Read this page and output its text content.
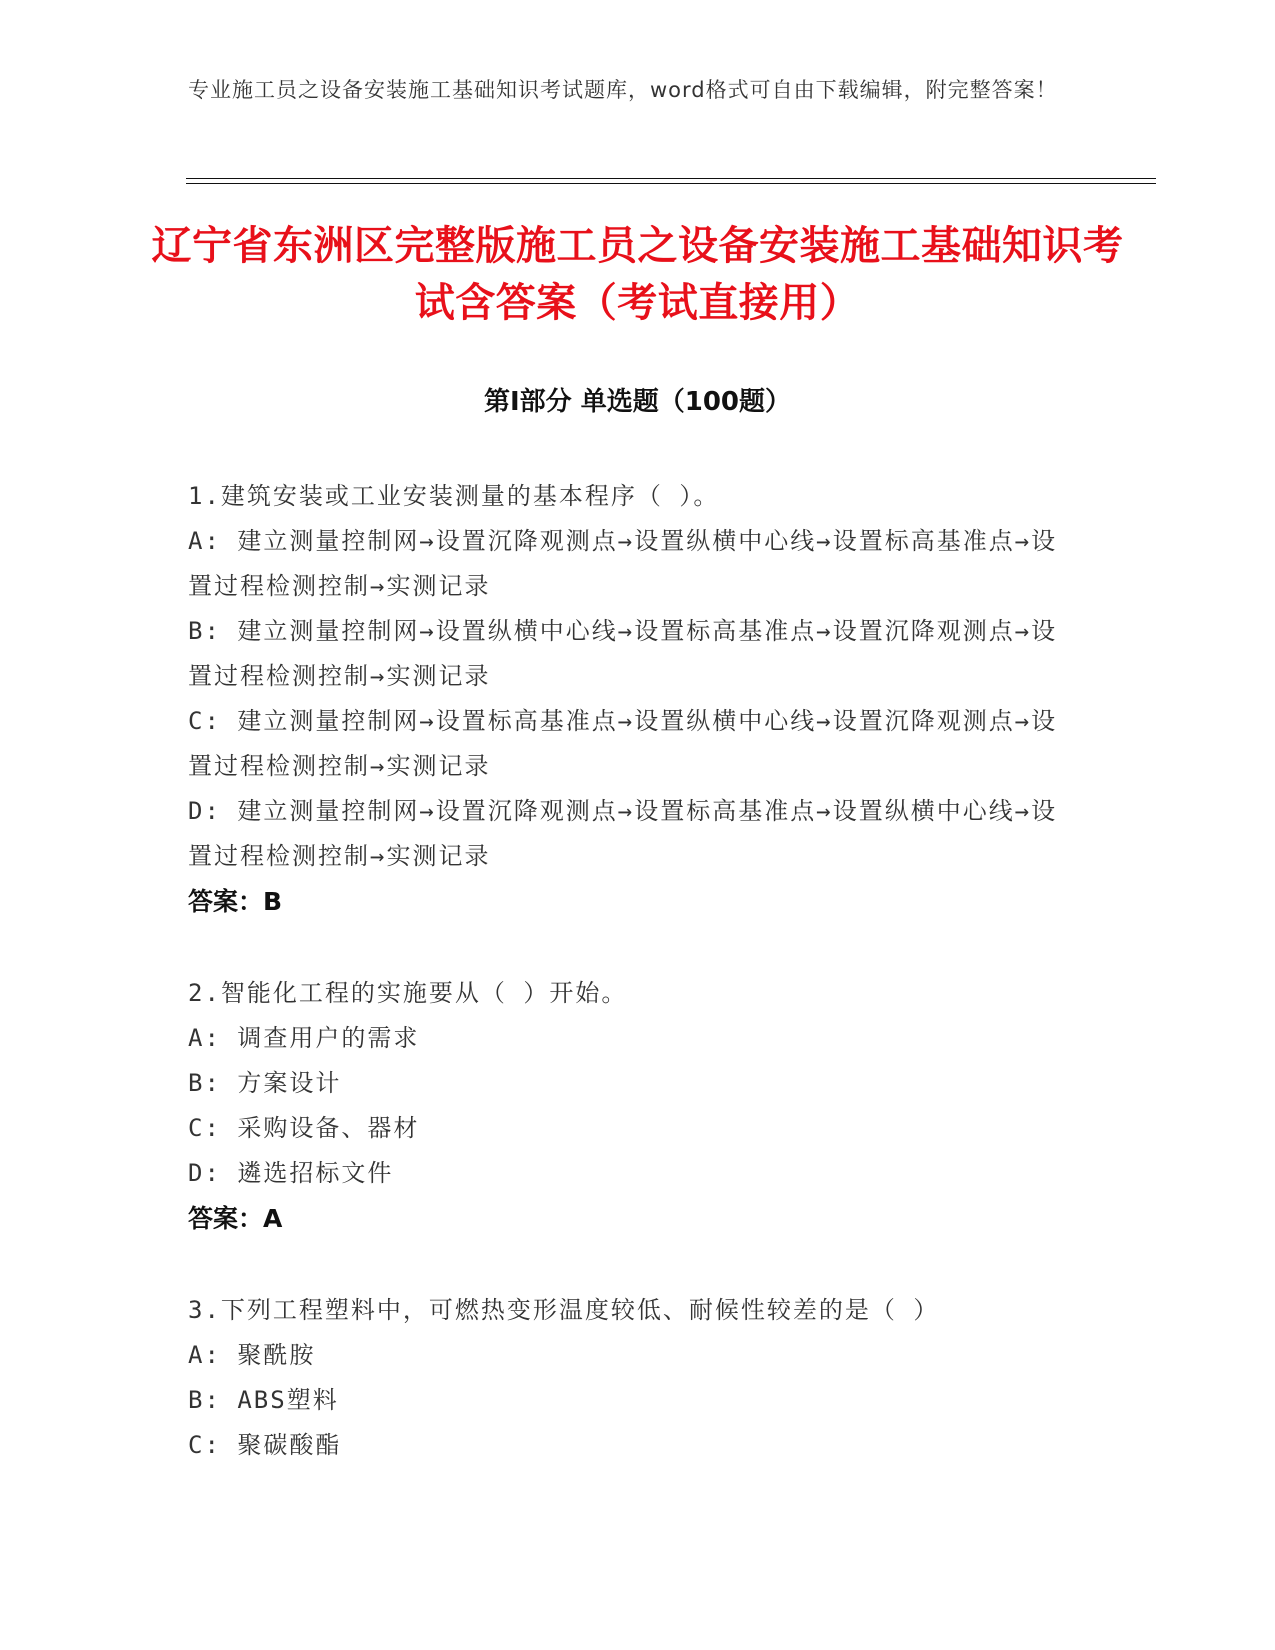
专业施工员之设备安装施工基础知识考试题库，word格式可自由下载编辑，附完整答案！
辽宁省东洲区完整版施工员之设备安装施工基础知识考试含答案（考试直接用）
第Ⅰ部分 单选题（100题）

1.建筑安装或工业安装测量的基本程序（ ）。

A: 建立测量控制网→设置沉降观测点→设置纵横中心线→设置标高基准点→设置过程检测控制→实测记录

B: 建立测量控制网→设置纵横中心线→设置标高基准点→设置沉降观测点→设置过程检测控制→实测记录

C: 建立测量控制网→设置标高基准点→设置纵横中心线→设置沉降观测点→设置过程检测控制→实测记录

D: 建立测量控制网→设置沉降观测点→设置标高基准点→设置纵横中心线→设置过程检测控制→实测记录

答案：B

2.智能化工程的实施要从（ ）开始。

A: 调查用户的需求

B: 方案设计

C: 采购设备、器材

D: 遴选招标文件

答案：A

3.下列工程塑料中，可燃热变形温度较低、耐候性较差的是（ ）

A: 聚酰胺

B: ABS塑料

C: 聚碳酸酯
